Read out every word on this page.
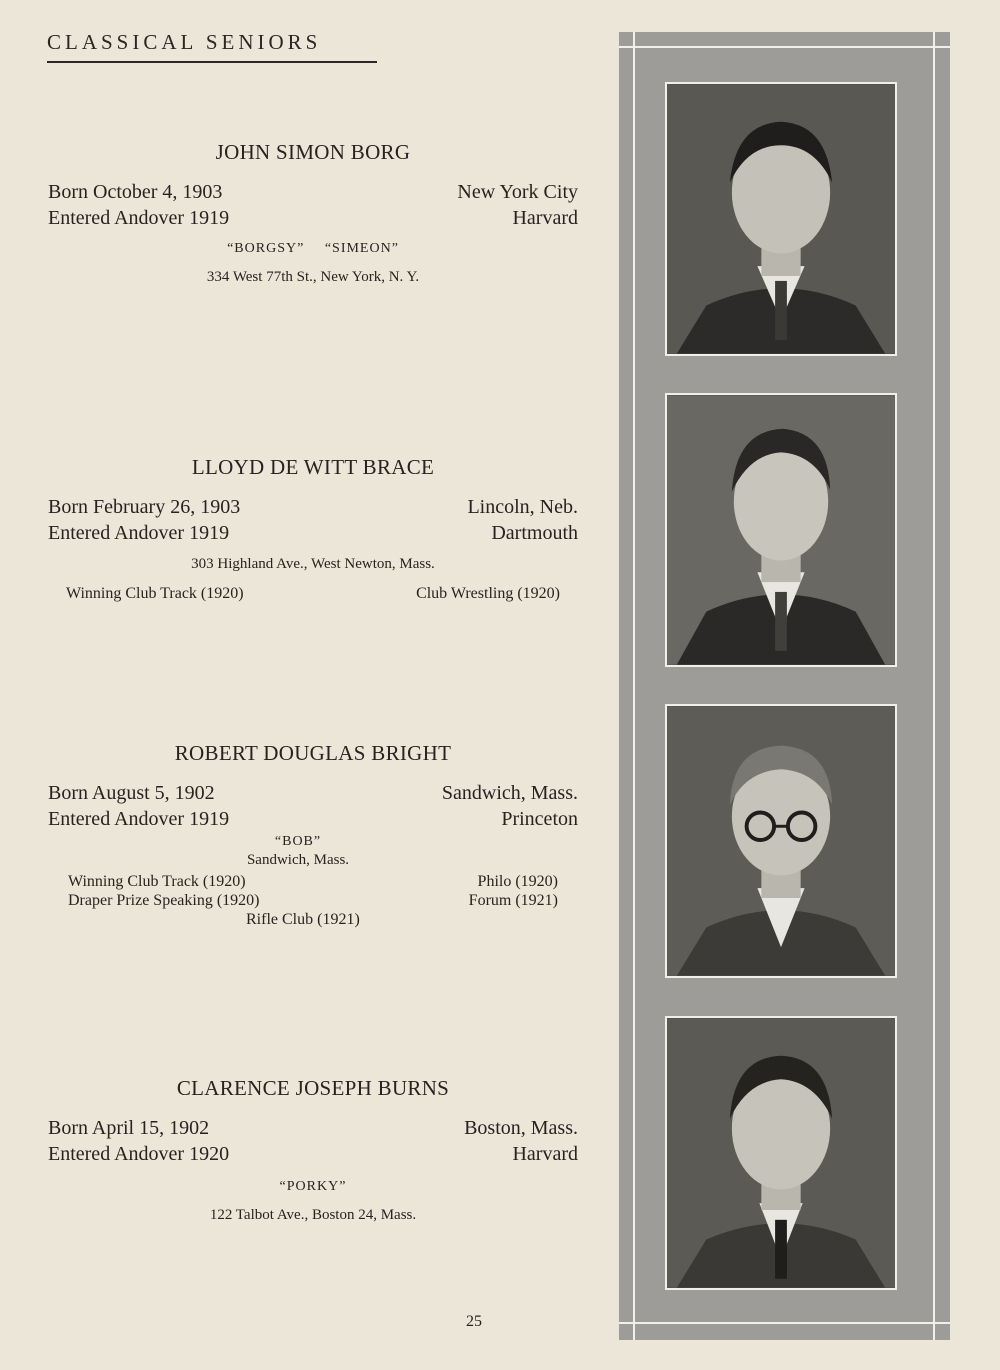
CLASSICAL SENIORS
JOHN SIMON BORG
Born October 4, 1903	New York City
Entered Andover 1919	Harvard
“BORGSY” “SIMEON”
334 West 77th St., New York, N. Y.
LLOYD DE WITT BRACE
Born February 26, 1903	Lincoln, Neb.
Entered Andover 1919	Dartmouth
303 Highland Ave., West Newton, Mass.
Winning Club Track (1920)	Club Wrestling (1920)
ROBERT DOUGLAS BRIGHT
Born August 5, 1902	Sandwich, Mass.
Entered Andover 1919	Princeton
“BOB”
Sandwich, Mass.
Winning Club Track (1920)	Philo (1920)
Draper Prize Speaking (1920)	Forum (1921)
Rifle Club (1921)
CLARENCE JOSEPH BURNS
Born April 15, 1902	Boston, Mass.
Entered Andover 1920	Harvard
“PORKY”
122 Talbot Ave., Boston 24, Mass.
25
